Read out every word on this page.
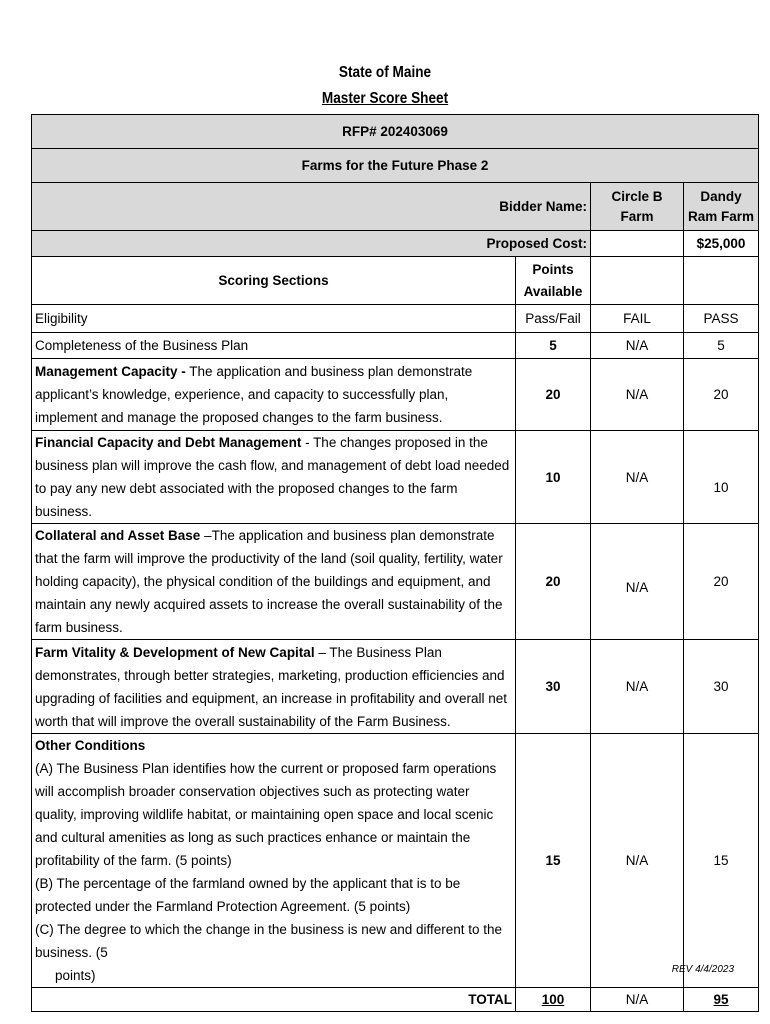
State of Maine
Master Score Sheet
RFP# 202403069			
Farms for the Future Phase 2			
Bidder Name:		Circle B Farm	Dandy Ram Farm
Proposed Cost:			$25,000
Scoring Sections	Points Available		
Eligibility	Pass/Fail	FAIL	PASS
Completeness of the Business Plan	5	N/A	5
Management Capacity - The application and business plan demonstrate applicant’s knowledge, experience, and capacity to successfully plan, implement and manage the proposed changes to the farm business.	20	N/A	20
Financial Capacity and Debt Management - The changes proposed in the business plan will improve the cash flow, and management of debt load needed to pay any new debt associated with the proposed changes to the farm business.	10	N/A	10
Collateral and Asset Base –The application and business plan demonstrate that the farm will improve the productivity of the land (soil quality, fertility, water holding capacity), the physical condition of the buildings and equipment, and maintain any newly acquired assets to increase the overall sustainability of the farm business.	20	N/A	20
Farm Vitality & Development of New Capital – The Business Plan demonstrates, through better strategies, marketing, production efficiencies and upgrading of facilities and equipment, an increase in profitability and overall net worth that will improve the overall sustainability of the Farm Business.	30	N/A	30

Other Conditions
(A) The Business Plan identifies how the current or proposed farm operations will accomplish broader conservation objectives such as protecting water quality, improving wildlife habitat, or maintaining open space and local scenic and cultural amenities as long as such practices enhance or maintain the profitability of the farm. (5 points)
(B) The percentage of the farmland owned by the applicant that is to be protected under the Farmland Protection Agreement. (5 points)
(C) The degree to which the change in the business is new and different to the business. (5
points)	15	N/A	15
TOTAL	100	N/A	95
REV 4/4/2023
